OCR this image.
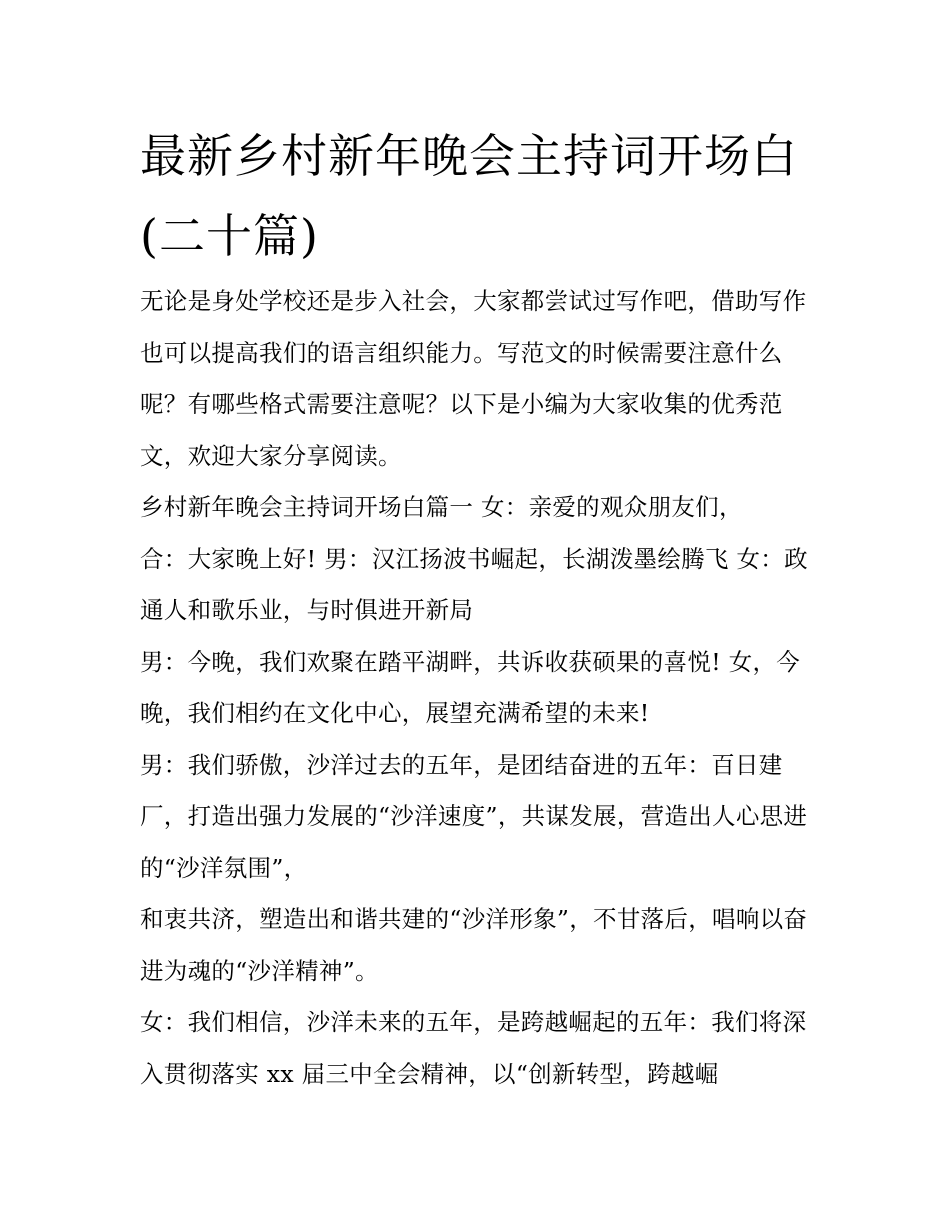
最新乡村新年晚会主持词开场白(二十篇)

无论是身处学校还是步入社会，大家都尝试过写作吧，借助写作也可以提高我们的语言组织能力。写范文的时候需要注意什么呢？有哪些格式需要注意呢？以下是小编为大家收集的优秀范文，欢迎大家分享阅读。

乡村新年晚会主持词开场白篇一 女：亲爱的观众朋友们，

合：大家晚上好! 男：汉江扬波书崛起，长湖泼墨绘腾飞 女：政通人和歌乐业，与时俱进开新局

男：今晚，我们欢聚在踏平湖畔，共诉收获硕果的喜悦! 女，今晚，我们相约在文化中心，展望充满希望的未来!

男：我们骄傲，沙洋过去的五年，是团结奋进的五年：百日建厂，打造出强力发展的“沙洋速度”，共谋发展，营造出人心思进的“沙洋氛围”，

和衷共济，塑造出和谐共建的“沙洋形象”，不甘落后，唱响以奋进为魂的“沙洋精神”。

女：我们相信，沙洋未来的五年，是跨越崛起的五年：我们将深入贯彻落实 xx 届三中全会精神，以“创新转型，跨越崛
